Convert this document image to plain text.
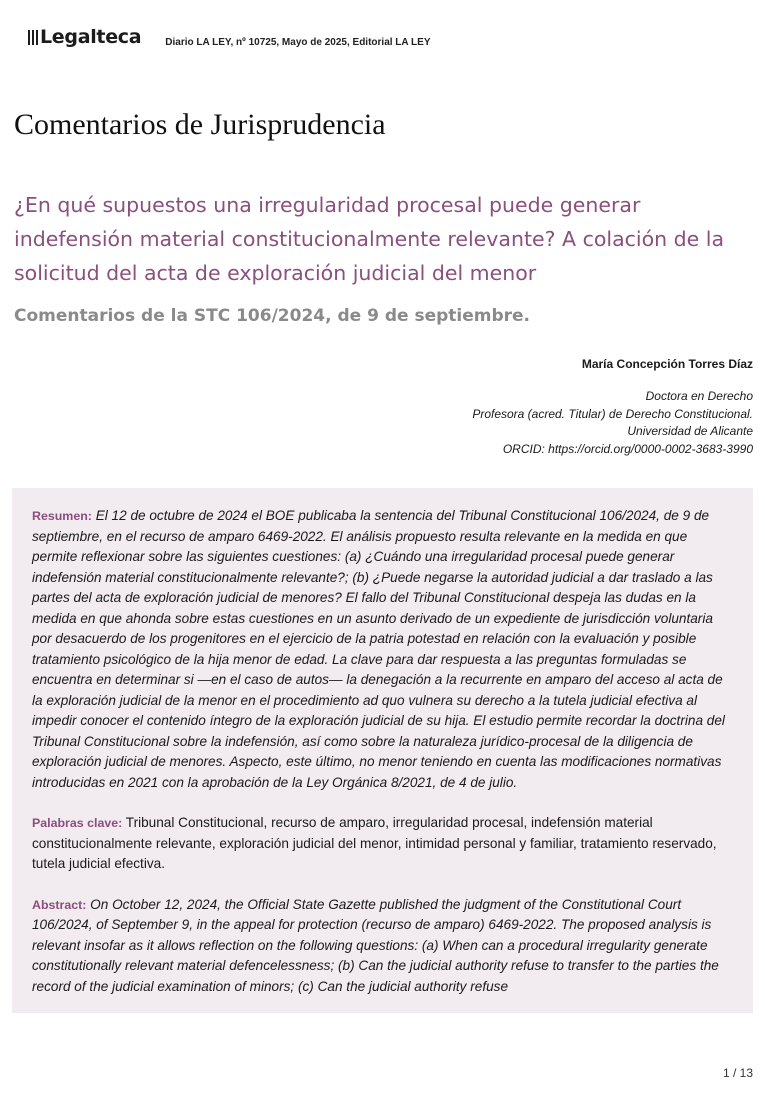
Legalteca Diario LA LEY, nº 10725, Mayo de 2025, Editorial LA LEY
Comentarios de Jurisprudencia
¿En qué supuestos una irregularidad procesal puede generar indefensión material constitucionalmente relevante? A colación de la solicitud del acta de exploración judicial del menor
Comentarios de la STC 106/2024, de 9 de septiembre.
María Concepción Torres Díaz
Doctora en Derecho
Profesora (acred. Titular) de Derecho Constitucional.
Universidad de Alicante
ORCID: https://orcid.org/0000-0002-3683-3990

Resumen: El 12 de octubre de 2024 el BOE publicaba la sentencia del Tribunal Constitucional 106/2024, de 9 de septiembre, en el recurso de amparo 6469-2022. El análisis propuesto resulta relevante en la medida en que permite reflexionar sobre las siguientes cuestiones: (a) ¿Cuándo una irregularidad procesal puede generar indefensión material constitucionalmente relevante?; (b) ¿Puede negarse la autoridad judicial a dar traslado a las partes del acta de exploración judicial de menores? El fallo del Tribunal Constitucional despeja las dudas en la medida en que ahonda sobre estas cuestiones en un asunto derivado de un expediente de jurisdicción voluntaria por desacuerdo de los progenitores en el ejercicio de la patria potestad en relación con la evaluación y posible tratamiento psicológico de la hija menor de edad. La clave para dar respuesta a las preguntas formuladas se encuentra en determinar si —en el caso de autos— la denegación a la recurrente en amparo del acceso al acta de la exploración judicial de la menor en el procedimiento ad quo vulnera su derecho a la tutela judicial efectiva al impedir conocer el contenido íntegro de la exploración judicial de su hija. El estudio permite recordar la doctrina del Tribunal Constitucional sobre la indefensión, así como sobre la naturaleza jurídico-procesal de la diligencia de exploración judicial de menores. Aspecto, este último, no menor teniendo en cuenta las modificaciones normativas introducidas en 2021 con la aprobación de la Ley Orgánica 8/2021, de 4 de julio.

Palabras clave: Tribunal Constitucional, recurso de amparo, irregularidad procesal, indefensión material constitucionalmente relevante, exploración judicial del menor, intimidad personal y familiar, tratamiento reservado, tutela judicial efectiva.

Abstract: On October 12, 2024, the Official State Gazette published the judgment of the Constitutional Court 106/2024, of September 9, in the appeal for protection (recurso de amparo) 6469-2022. The proposed analysis is relevant insofar as it allows reflection on the following questions: (a) When can a procedural irregularity generate constitutionally relevant material defencelessness; (b) Can the judicial authority refuse to transfer to the parties the record of the judicial examination of minors; (c) Can the judicial authority refuse

1 / 13
